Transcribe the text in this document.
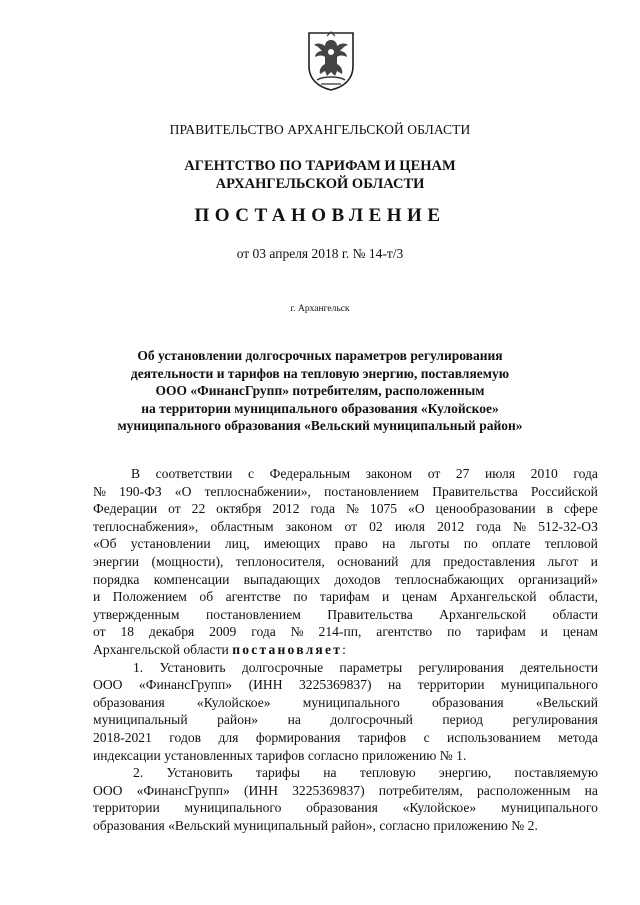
ПРАВИТЕЛЬСТВО АРХАНГЕЛЬСКОЙ ОБЛАСТИ
АГЕНТСТВО ПО ТАРИФАМ И ЦЕНАМ
АРХАНГЕЛЬСКОЙ ОБЛАСТИ
ПОСТАНОВЛЕНИЕ
от 03 апреля 2018 г. № 14-т/3
г. Архангельск
Об установлении долгосрочных параметров регулирования
деятельности и тарифов на тепловую энергию, поставляемую
ООО «ФинансГрупп» потребителям, расположенным
на территории муниципального образования «Кулойское»
муниципального образования «Вельский муниципальный район»
В соответствии с Федеральным законом от 27 июля 2010 года
№ 190-ФЗ «О теплоснабжении», постановлением Правительства Российской
Федерации от 22 октября 2012 года № 1075 «О ценообразовании в сфере
теплоснабжения», областным законом от 02 июля 2012 года № 512-32-ОЗ
«Об установлении лиц, имеющих право на льготы по оплате тепловой
энергии (мощности), теплоносителя, оснований для предоставления льгот и
порядка компенсации выпадающих доходов теплоснабжающих организаций»
и Положением об агентстве по тарифам и ценам Архангельской области,
утвержденным постановлением Правительства Архангельской области
от 18 декабря 2009 года № 214-пп, агентство по тарифам и ценам
Архангельской области постановляет:
1. Установить долгосрочные параметры регулирования деятельности
ООО «ФинансГрупп» (ИНН 3225369837) на территории муниципального
образования «Кулойское» муниципального образования «Вельский
муниципальный район» на долгосрочный период регулирования
2018-2021 годов для формирования тарифов с использованием метода
индексации установленных тарифов согласно приложению № 1.
2. Установить тарифы на тепловую энергию, поставляемую
ООО «ФинансГрупп» (ИНН 3225369837) потребителям, расположенным на
территории муниципального образования «Кулойское» муниципального
образования «Вельский муниципальный район», согласно приложению № 2.
